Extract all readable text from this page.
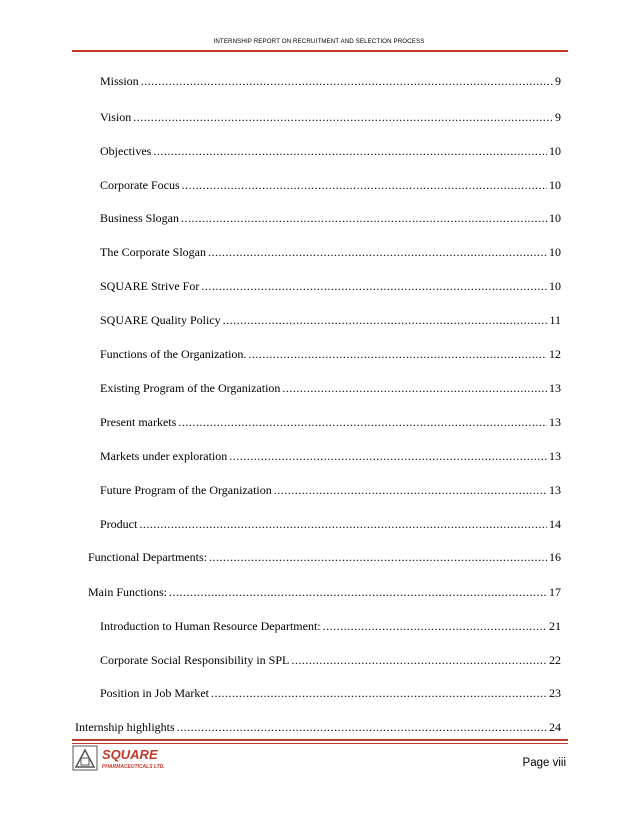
INTERNSHIP REPORT ON RECRUITMENT AND SELECTION PROCESS
Mission .....	9
Vision .....	9
Objectives .....	10
Corporate Focus .....	10
Business Slogan .....	10
The Corporate Slogan .....	10
SQUARE Strive For .....	10
SQUARE Quality Policy .....	11
Functions of the Organization. .....	12
Existing Program of the Organization .....	13
Present markets .....	13
Markets under exploration .....	13
Future Program of the Organization .....	13
Product .....	14
Functional Departments: .....	16
Main Functions: .....	17
Introduction to Human Resource Department: .....	21
Corporate Social Responsibility in SPL .....	22
Position in Job Market .....	23
Internship highlights .....	24
SQUARE
PHARMACEUTICALS LTD.	Page viii
